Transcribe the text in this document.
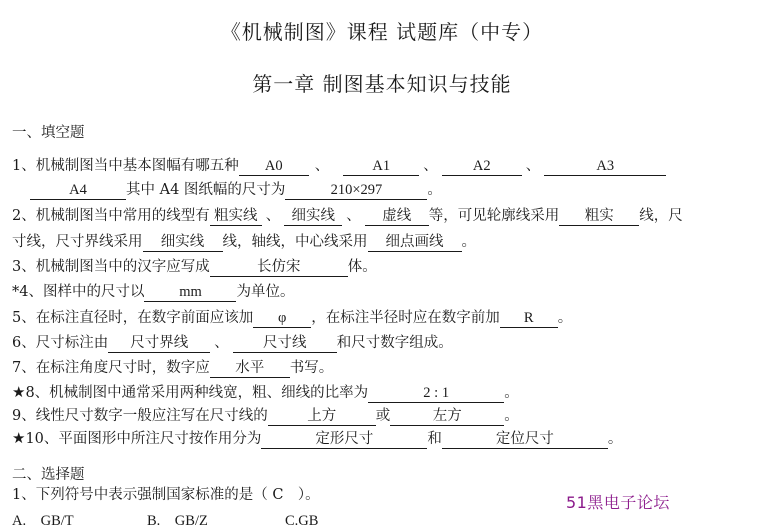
《机械制图》课程 试题库（中专）
第一章 制图基本知识与技能
一、填空题
1、机械制图当中基本图幅有哪五种 A0 、	A1 、 A2 、	A3
A4	其中 A4 图纸幅的尺寸为	210×297	。
2、机械制图当中常用的线型有 粗实线 、 细实线 、 虚线 等，可见轮廓线采用 粗实 线，尺
寸线，尺寸界线采用 细实线 线，轴线，中心线采用 细点画线 。
3、机械制图当中的汉字应写成	长仿宋	体。
*4、图样中的尺寸以 mm 为单位。
5、在标注直径时，在数字前面应该加 φ ，在标注半径时应在数字前加 R 。
6、尺寸标注由 尺寸界线 、 尺寸线 和尺寸数字组成。
7、在标注角度尺寸时，数字应 水平 书写。
★8、机械制图中通常采用两种线宽，粗、细线的比率为	2 : 1	。
9、线性尺寸数字一般应注写在尺寸线的	上方	或	左方	。
★10、平面图形中所注尺寸按作用分为	定形尺寸	和	定位尺寸	。
二、选择题
1、下列符号中表示强制国家标准的是（ C　）。
A.　GB/T	B.　GB/Z	C.GB
51黑电子论坛
